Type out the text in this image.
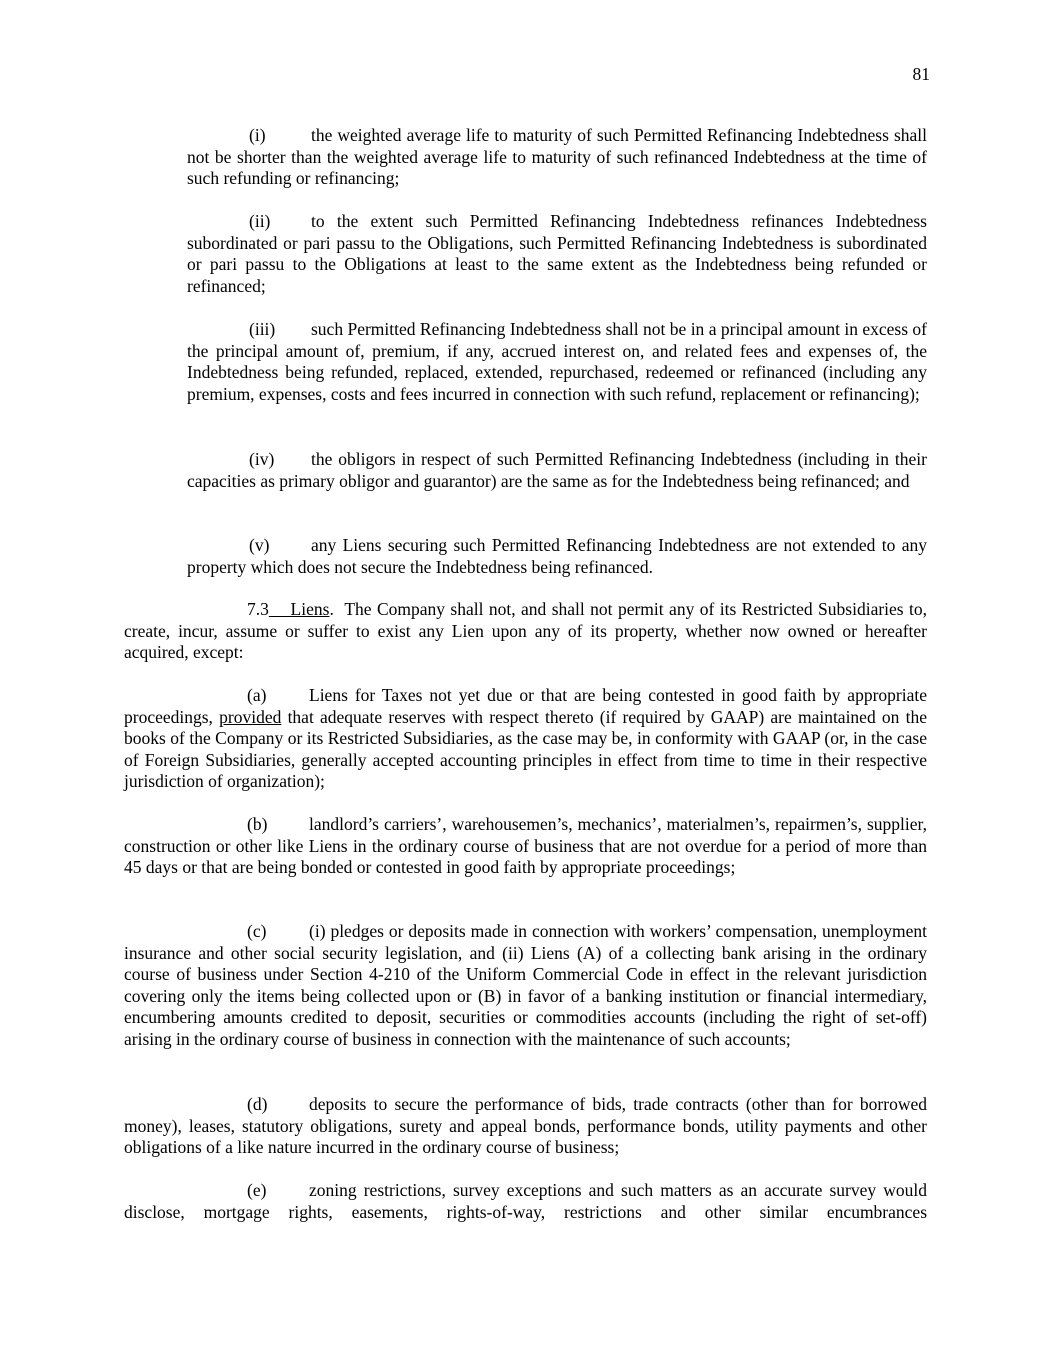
81
(i)	the weighted average life to maturity of such Permitted Refinancing Indebtedness shall not be shorter than the weighted average life to maturity of such refinanced Indebtedness at the time of such refunding or refinancing;
(ii) to the extent such Permitted Refinancing Indebtedness refinances Indebtedness subordinated or pari passu to the Obligations, such Permitted Refinancing Indebtedness is subordinated or pari passu to the Obligations at least to the same extent as the Indebtedness being refunded or refinanced;
(iii) such Permitted Refinancing Indebtedness shall not be in a principal amount in excess of the principal amount of, premium, if any, accrued interest on, and related fees and expenses of, the Indebtedness being refunded, replaced, extended, repurchased, redeemed or refinanced (including any premium, expenses, costs and fees incurred in connection with such refund, replacement or refinancing);
(iv) the obligors in respect of such Permitted Refinancing Indebtedness (including in their capacities as primary obligor and guarantor) are the same as for the Indebtedness being refinanced; and
(v) any Liens securing such Permitted Refinancing Indebtedness are not extended to any property which does not secure the Indebtedness being refinanced.
7.3 Liens.  The Company shall not, and shall not permit any of its Restricted Subsidiaries to, create, incur, assume or suffer to exist any Lien upon any of its property, whether now owned or hereafter acquired, except:
(a) Liens for Taxes not yet due or that are being contested in good faith by appropriate proceedings, provided that adequate reserves with respect thereto (if required by GAAP) are maintained on the books of the Company or its Restricted Subsidiaries, as the case may be, in conformity with GAAP (or, in the case of Foreign Subsidiaries, generally accepted accounting principles in effect from time to time in their respective jurisdiction of organization);
(b) landlord’s carriers’, warehousemen’s, mechanics’, materialmen’s, repairmen’s, supplier, construction or other like Liens in the ordinary course of business that are not overdue for a period of more than 45 days or that are being bonded or contested in good faith by appropriate proceedings;
(c) (i) pledges or deposits made in connection with workers’ compensation, unemployment insurance and other social security legislation, and (ii) Liens (A) of a collecting bank arising in the ordinary course of business under Section 4-210 of the Uniform Commercial Code in effect in the relevant jurisdiction covering only the items being collected upon or (B) in favor of a banking institution or financial intermediary, encumbering amounts credited to deposit, securities or commodities accounts (including the right of set-off) arising in the ordinary course of business in connection with the maintenance of such accounts;
(d) deposits to secure the performance of bids, trade contracts (other than for borrowed money), leases, statutory obligations, surety and appeal bonds, performance bonds, utility payments and other obligations of a like nature incurred in the ordinary course of business;
(e) zoning restrictions, survey exceptions and such matters as an accurate survey would disclose, mortgage rights, easements, rights-of-way, restrictions and other similar encumbrances
